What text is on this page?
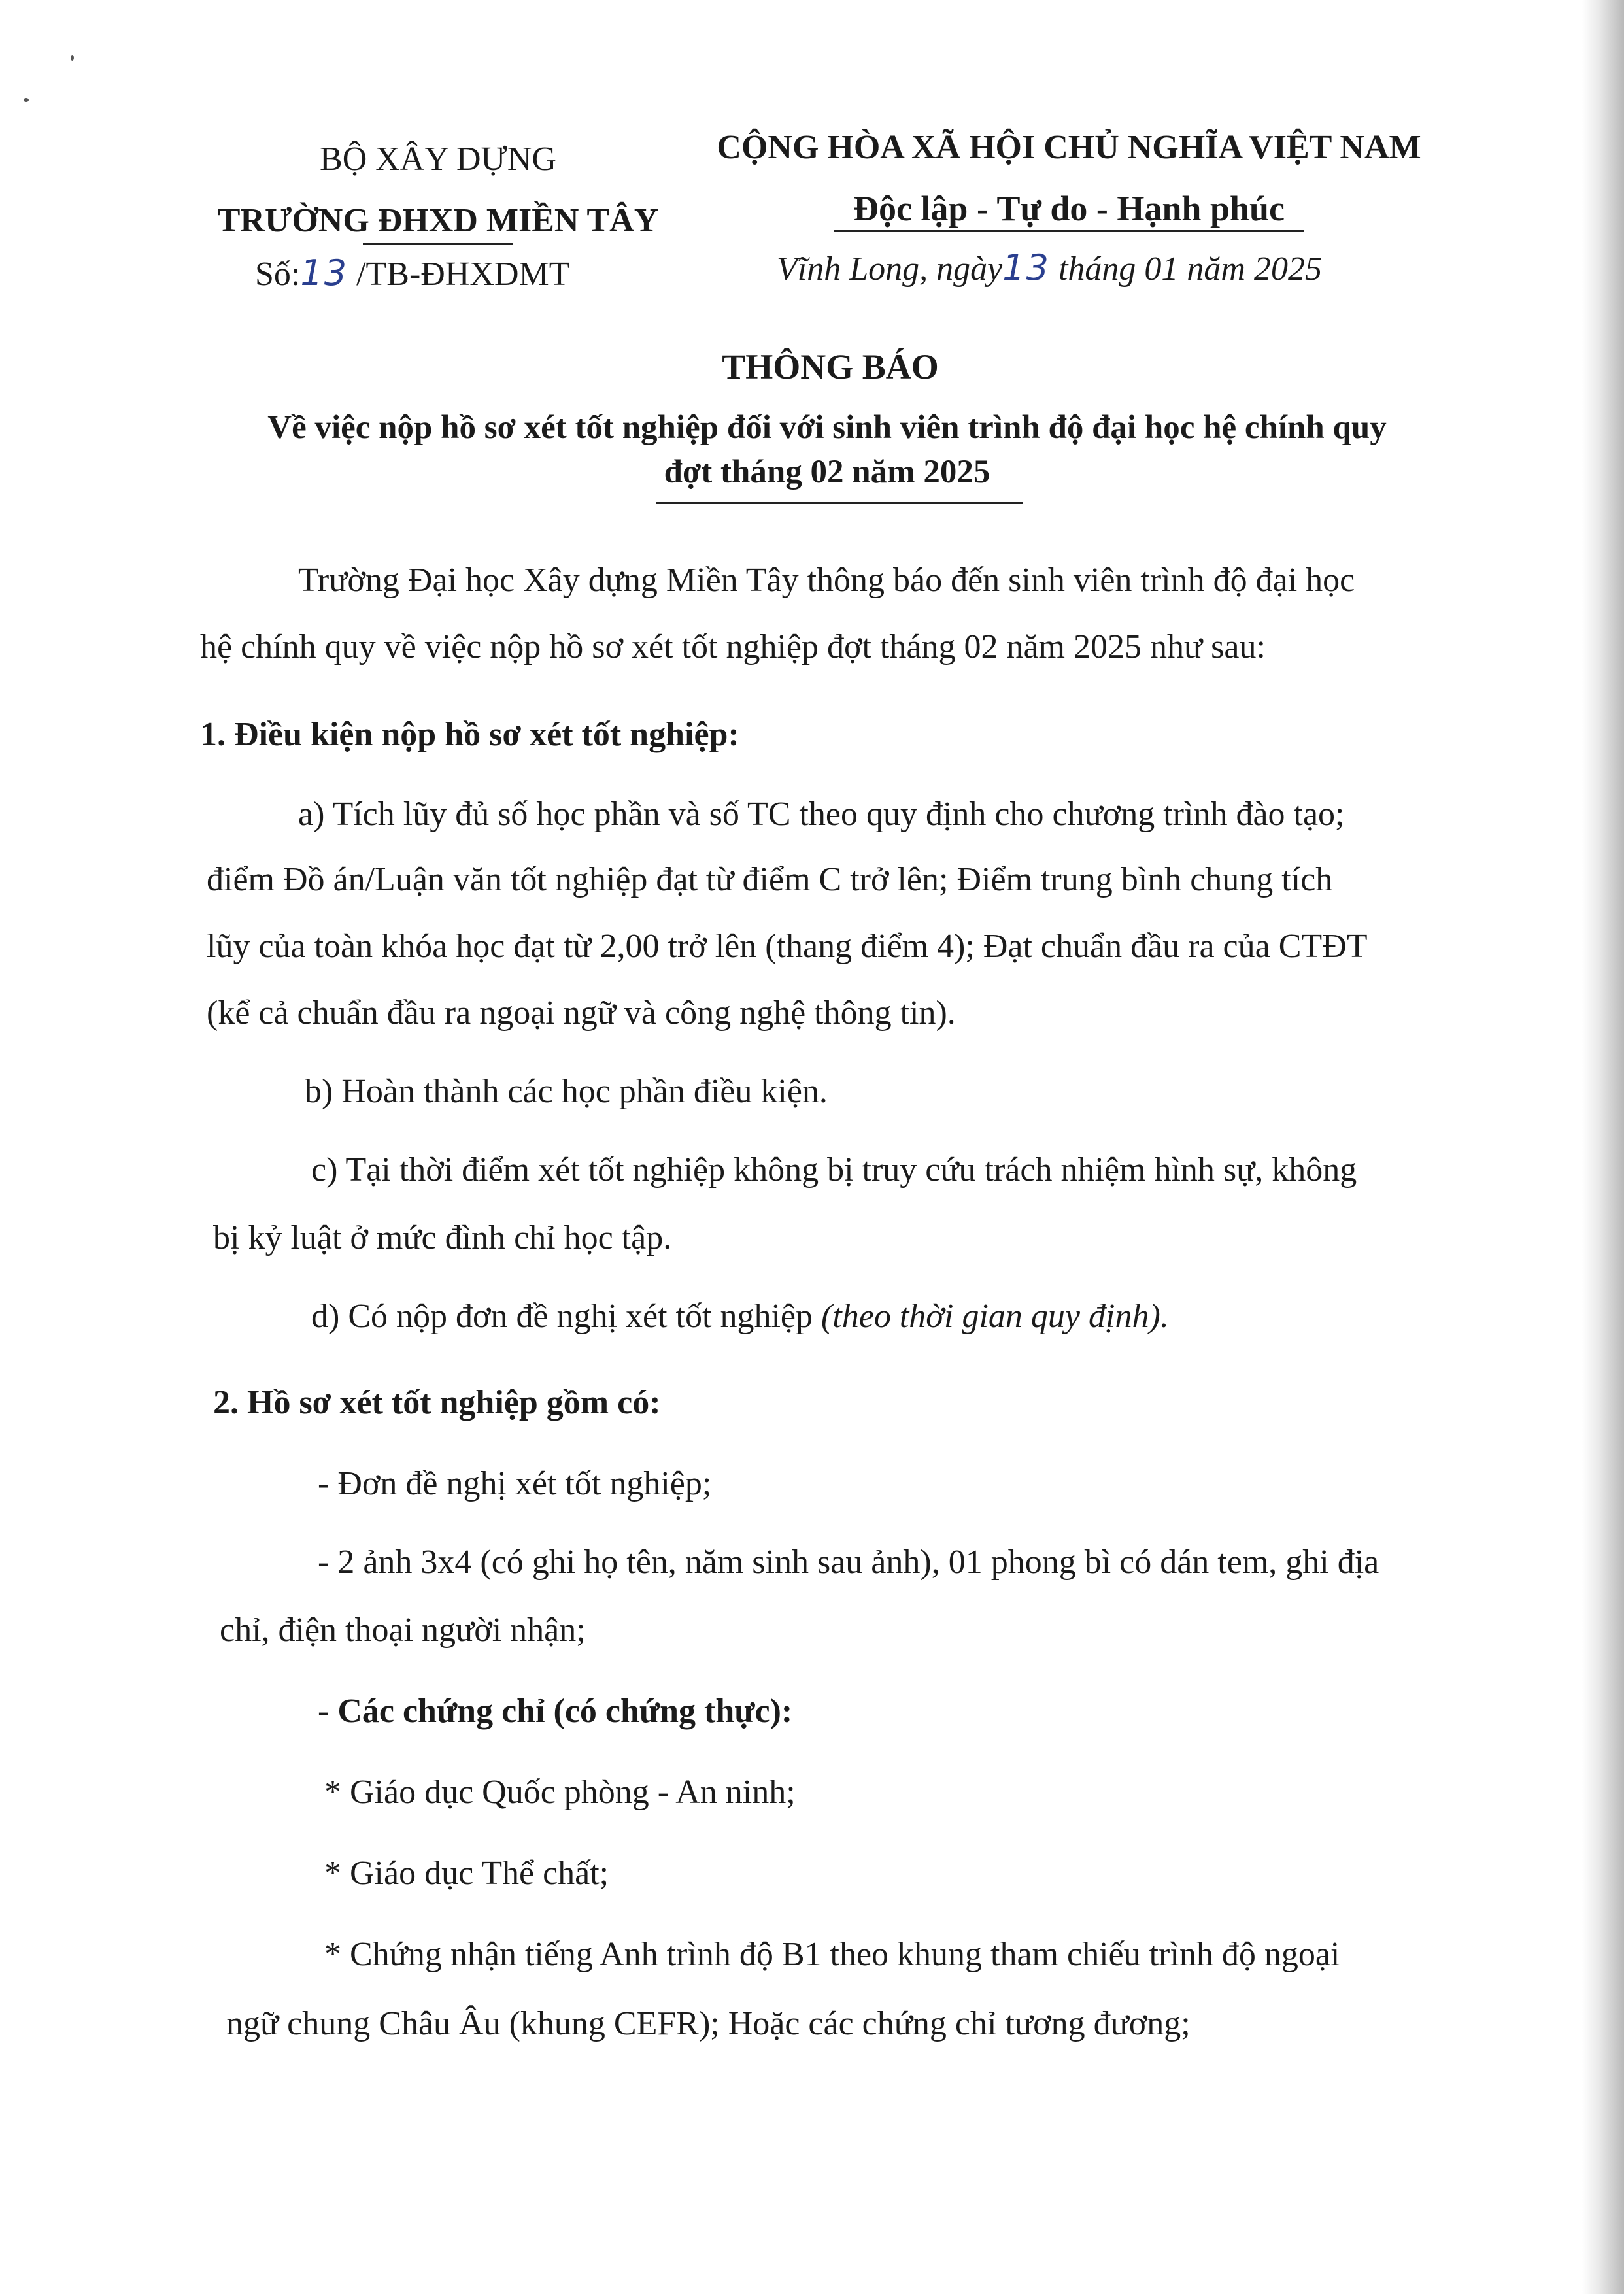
BỘ XÂY DỰNG
TRƯỜNG ĐHXD MIỀN TÂY
Số:13 /TB-ĐHXDMT
CỘNG HÒA XÃ HỘI CHỦ NGHĨA VIỆT NAM
Độc lập - Tự do - Hạnh phúc
Vĩnh Long, ngày13 tháng 01 năm 2025
THÔNG BÁO
Về việc nộp hồ sơ xét tốt nghiệp đối với sinh viên trình độ đại học hệ chính quy
đợt tháng 02 năm 2025
Trường Đại học Xây dựng Miền Tây thông báo đến sinh viên trình độ đại học
hệ chính quy về việc nộp hồ sơ xét tốt nghiệp đợt tháng 02 năm 2025 như sau:
1. Điều kiện nộp hồ sơ xét tốt nghiệp:
a) Tích lũy đủ số học phần và số TC theo quy định cho chương trình đào tạo;
điểm Đồ án/Luận văn tốt nghiệp đạt từ điểm C trở lên; Điểm trung bình chung tích
lũy của toàn khóa học đạt từ 2,00 trở lên (thang điểm 4); Đạt chuẩn đầu ra của CTĐT
(kể cả chuẩn đầu ra ngoại ngữ và công nghệ thông tin).
b) Hoàn thành các học phần điều kiện.
c) Tại thời điểm xét tốt nghiệp không bị truy cứu trách nhiệm hình sự, không
bị kỷ luật ở mức đình chỉ học tập.
d) Có nộp đơn đề nghị xét tốt nghiệp (theo thời gian quy định).
2. Hồ sơ xét tốt nghiệp gồm có:
- Đơn đề nghị xét tốt nghiệp;
- 2 ảnh 3x4 (có ghi họ tên, năm sinh sau ảnh), 01 phong bì có dán tem, ghi địa
chỉ, điện thoại người nhận;
- Các chứng chỉ (có chứng thực):
* Giáo dục Quốc phòng - An ninh;
* Giáo dục Thể chất;
* Chứng nhận tiếng Anh trình độ B1 theo khung tham chiếu trình độ ngoại
ngữ chung Châu Âu (khung CEFR); Hoặc các chứng chỉ tương đương;
